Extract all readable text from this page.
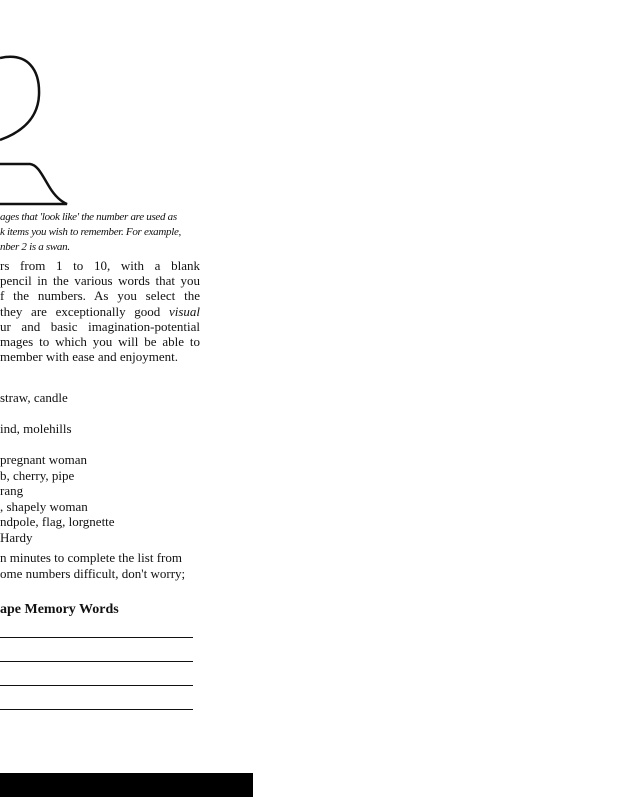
ages that 'look like' the number are used as
k items you wish to remember. For example,
nber 2 is a swan.
rs from 1 to 10, with a blank
pencil in the various words that you
f the numbers. As you select the
they are exceptionally good visual
ur and basic imagination-potential
mages to which you will be able to
member with ease and enjoyment.
straw, candle
ind, molehills
pregnant woman
b, cherry, pipe
rang
, shapely woman
ndpole, flag, lorgnette
Hardy
n minutes to complete the list from
ome numbers difficult, don't worry;
ape Memory Words
